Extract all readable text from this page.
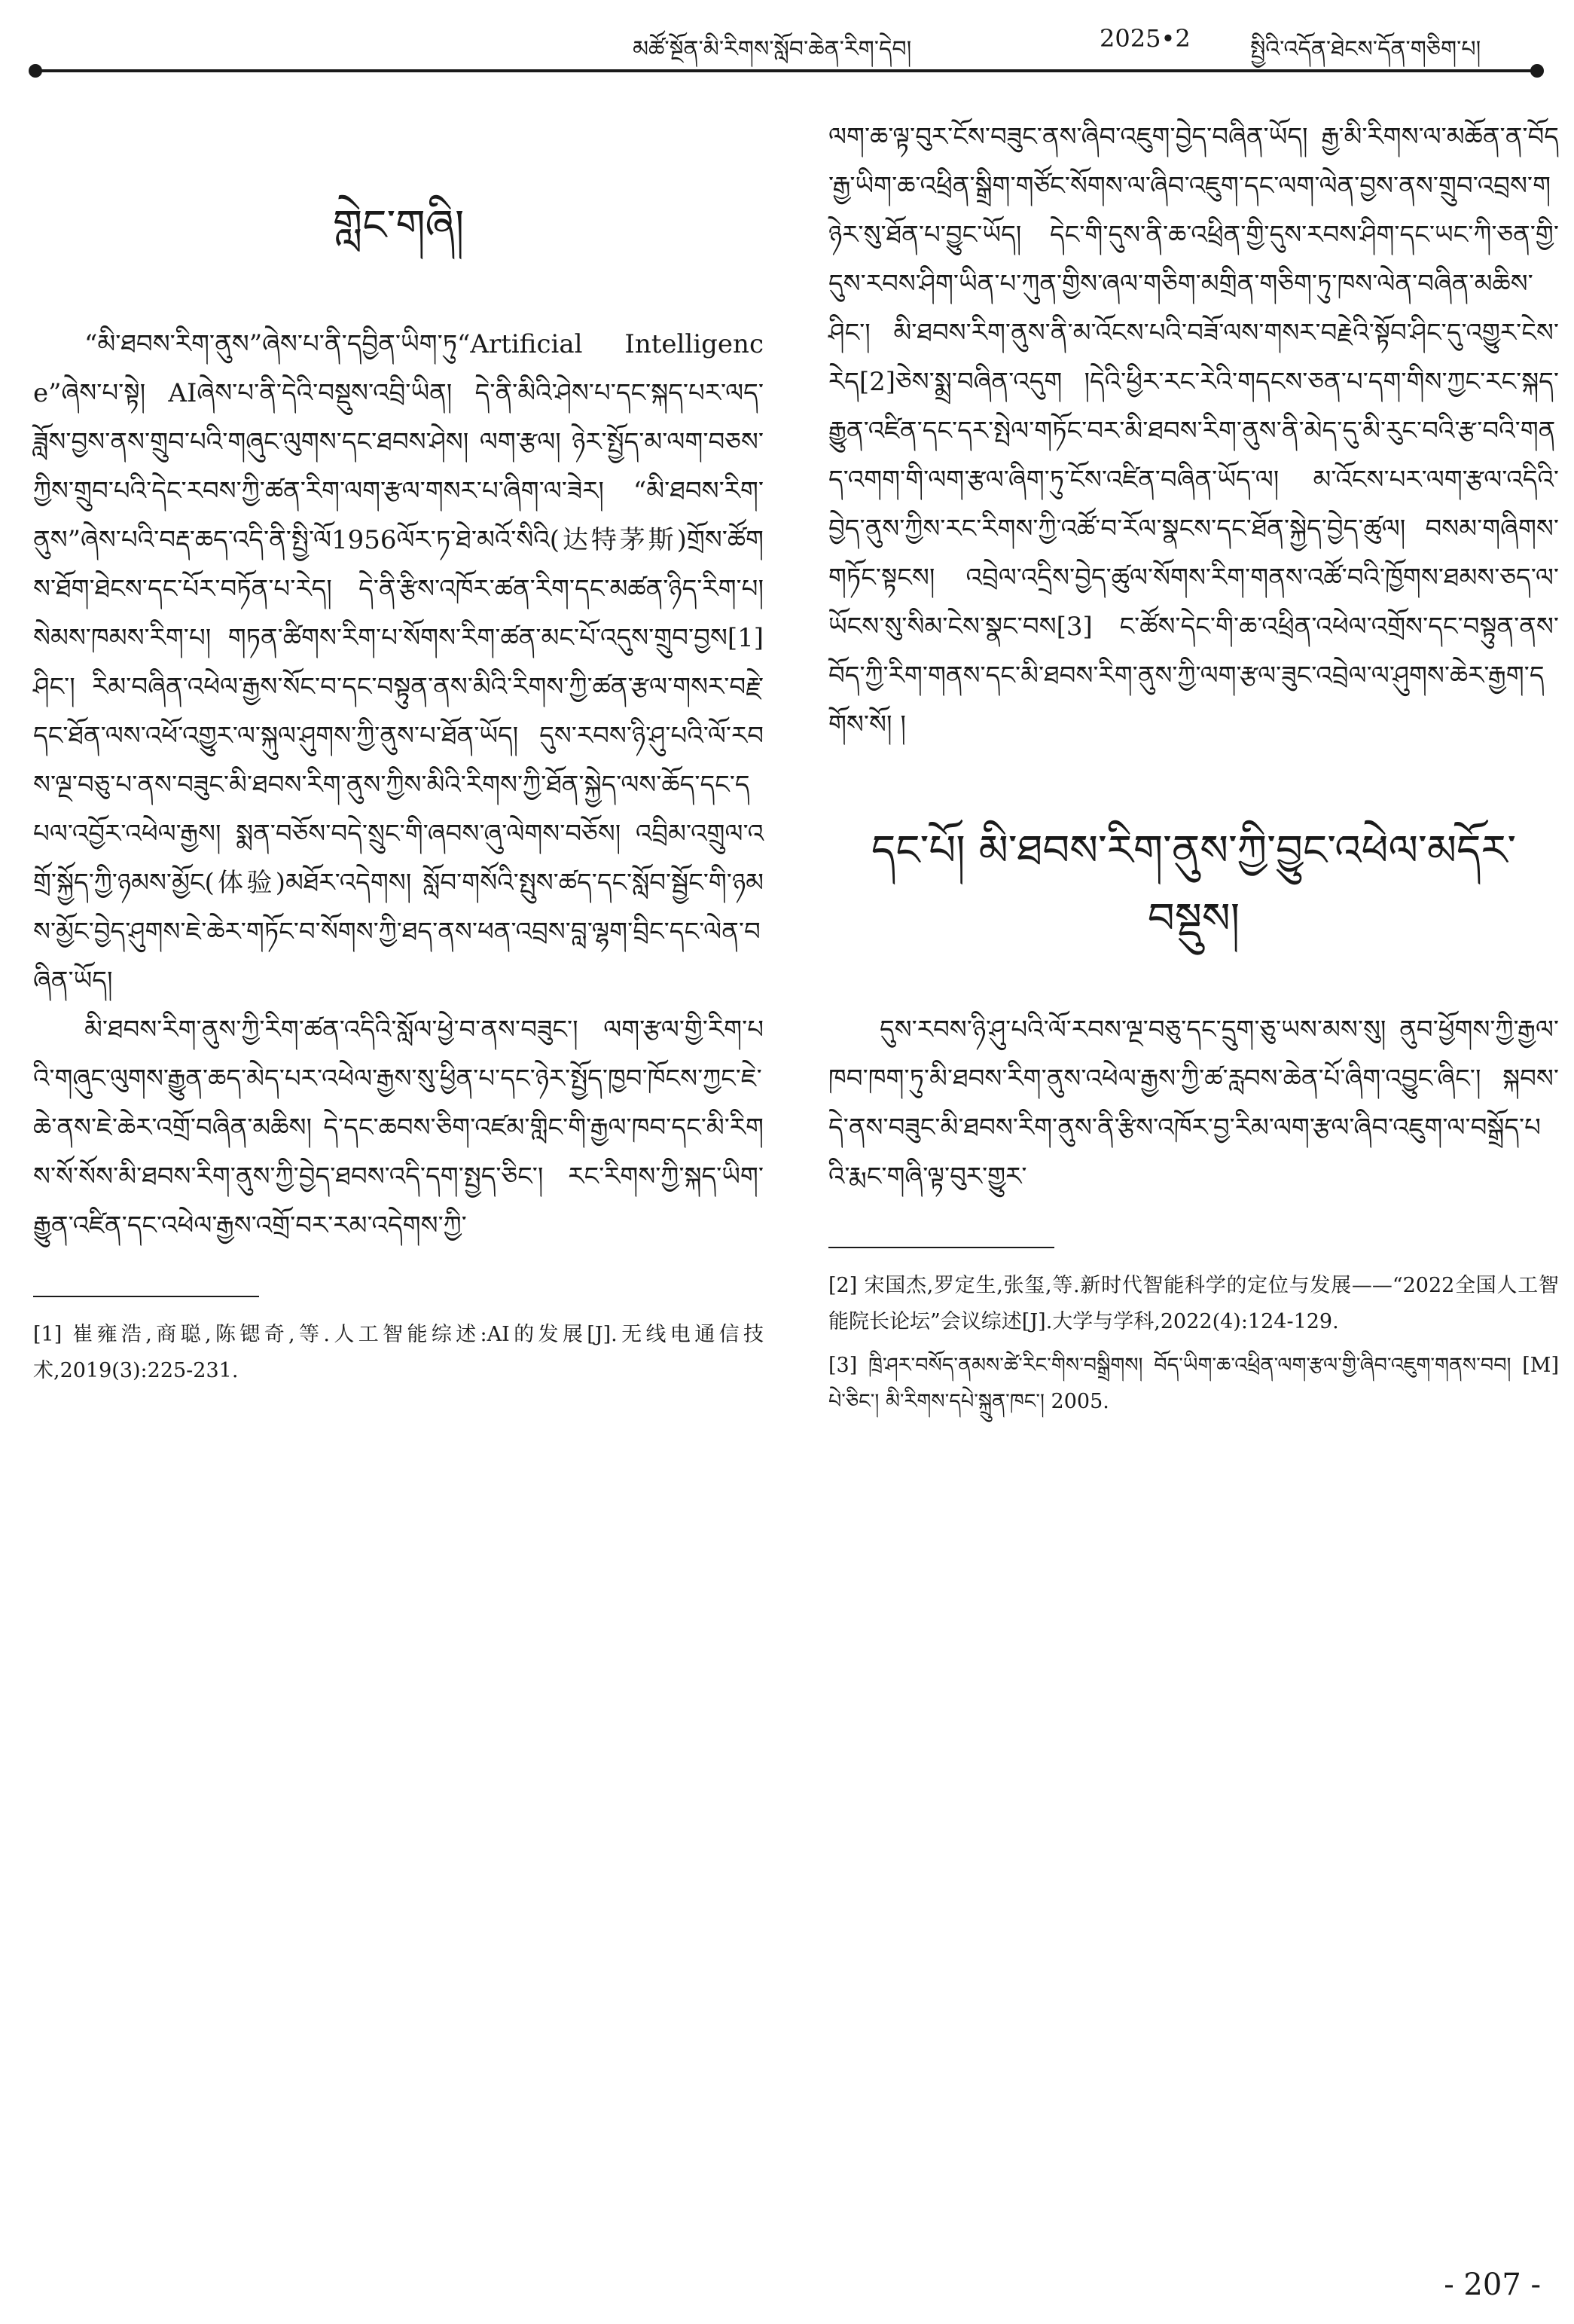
མཚོ་སྔོན་མི་རིགས་སློབ་ཆེན་རིག་དེབ།	2025•2	སྤྱིའི་འདོན་ཐེངས་དོན་གཅིག་པ།
གླེང་གཞི།

“མི་ཐབས་རིག་ནུས”ཞེས་པ་ནི་དབྱིན་ཡིག་ཏུ“Artificial Intelligence”ཞེས་པ་སྟེ། AIཞེས་པ་ནི་དེའི་བསྡུས་འབྲི་ཡིན། དེ་ནི་མིའི་ཤེས་པ་དང་སྐད་པར་ལད་ཟློས་བྱས་ནས་གྲུབ་པའི་གཞུང་ལུགས་དང་ཐབས་ཤེས། ལག་རྩལ། ཉེར་སྤྱོད་མ་ལག་བཅས་ཀྱིས་གྲུབ་པའི་དེང་རབས་ཀྱི་ཚན་རིག་ལག་རྩལ་གསར་པ་ཞིག་ལ་ཟེར། “མི་ཐབས་རིག་ནུས”ཞེས་པའི་བརྡ་ཆད་འདི་ནི་སྤྱི་ལོ1956ལོར་ཏ་ཐེ་མའོ་སིའི(达特茅斯)གྲོས་ཚོགས་ཐོག་ཐེངས་དང་པོར་བཏོན་པ་རེད། དེ་ནི་རྩིས་འཁོར་ཚན་རིག་དང་མཚན་ཉིད་རིག་པ། སེམས་ཁམས་རིག་པ། གཏན་ཚིགས་རིག་པ་སོགས་རིག་ཚན་མང་པོ་འདུས་གྲུབ་བྱས[1]ཤིང་། རིམ་བཞིན་འཕེལ་རྒྱས་སོང་བ་དང་བསྟུན་ནས་མིའི་རིགས་ཀྱི་ཚན་རྩལ་གསར་བརྗེ་དང་ཐོན་ལས་འཕོ་འགྱུར་ལ་སྐུལ་ཤུགས་ཀྱི་ནུས་པ་ཐོན་ཡོད། དུས་རབས་ཉི་ཤུ་པའི་ལོ་རབས་ལྔ་བཅུ་པ་ནས་བཟུང་མི་ཐབས་རིག་ནུས་ཀྱིས་མིའི་རིགས་ཀྱི་ཐོན་སྐྱེད་ལས་ཆོད་དང་དཔལ་འབྱོར་འཕེལ་རྒྱས། སྨན་བཅོས་བདེ་སྲུང་གི་ཞབས་ཞུ་ལེགས་བཅོས། འབྲིམ་འགྲུལ་འགྲོ་སྐྱོད་ཀྱི་ཉམས་མྱོང(体验)མཐོར་འདེགས། སློབ་གསོའི་སྤུས་ཚད་དང་སློབ་སྦྱོང་གི་ཉམས་མྱོང་བྱེད་ཤུགས་ཇེ་ཆེར་གཏོང་བ་སོགས་ཀྱི་ཐད་ནས་ཕན་འབྲས་བླ་ལྷག་བྲིང་དང་ལེན་བཞིན་ཡོད།

མི་ཐབས་རིག་ནུས་ཀྱི་རིག་ཚན་འདིའི་སློལ་ཕྱེ་བ་ནས་བཟུང་། ལག་རྩལ་གྱི་རིག་པའི་གཞུང་ལུགས་རྒྱུན་ཆད་མེད་པར་འཕེལ་རྒྱས་སུ་ཕྱིན་པ་དང་ཉེར་སྤྱོད་ཁྱབ་ཁོངས་ཀྱང་ཇེ་ཆེ་ནས་ཇེ་ཆེར་འགྲོ་བཞིན་མཆིས། དེ་དང་ཆབས་ཅིག་འཛམ་གླིང་གི་རྒྱལ་ཁབ་དང་མི་རིགས་སོ་སོས་མི་ཐབས་རིག་ནུས་ཀྱི་བྱེད་ཐབས་འདི་དག་སྤྱད་ཅིང་། རང་རིགས་ཀྱི་སྐད་ཡིག་རྒྱུན་འཛིན་དང་འཕེལ་རྒྱས་འགྲོ་བར་རམ་འདེགས་ཀྱི་

[1] 崔雍浩,商聪,陈锶奇,等.人工智能综述:AI的发展[J].无线电通信技术,2019(3):225-231.

ལག་ཆ་ལྟ་བུར་ངོས་བཟུང་ནས་ཞིབ་འཇུག་བྱེད་བཞིན་ཡོད། རྒྱ་མི་རིགས་ལ་མཆོན་ན་བོད་རྒྱ་ཡིག་ཆ་འཕྲིན་སྒྲིག་གཙོང་སོགས་ལ་ཞིབ་འཇུག་དང་ལག་ལེན་བྱས་ནས་གྲུབ་འབྲས་གཉེར་སུ་ཐོན་པ་བྱུང་ཡོད། དེང་གི་དུས་ནི་ཆ་འཕྲིན་གྱི་དུས་རབས་ཤིག་དང་ཡང་ཀི་ཅན་གྱི་དུས་རབས་ཤིག་ཡིན་པ་ཀུན་གྱིས་ཞལ་གཅིག་མགྲིན་གཅིག་ཏུ་ཁས་ལེན་བཞིན་མཆིས་ཤིང་། མི་ཐབས་རིག་ནུས་ནི་མ་འོངས་པའི་བཟོ་ལས་གསར་བརྗེའི་སྟོབ་ཤིང་དུ་འགྱུར་ངེས་རེད[2]ཅེས་སྨྲ་བཞིན་འདུག །དེའི་ཕྱིར་རང་རེའི་གདངས་ཅན་པ་དག་གིས་ཀྱང་རང་སྐད་རྒྱུན་འཛིན་དང་དར་སྤེལ་གཏོང་བར་མི་ཐབས་རིག་ནུས་ནི་མེད་དུ་མི་རུང་བའི་རྩ་བའི་གནད་འགག་གི་ལག་རྩལ་ཞིག་ཏུ་ངོས་འཛིན་བཞིན་ཡོད་ལ། མ་འོངས་པར་ལག་རྩལ་འདིའི་བྱེད་ནུས་ཀྱིས་རང་རིགས་ཀྱི་འཚོ་བ་རོལ་སྣངས་དང་ཐོན་སྐྱེད་བྱེད་ཚུལ། བསམ་གཞིགས་གཏོང་སྟངས། འབྲེལ་འདྲིས་བྱེད་ཚུལ་སོགས་རིག་གནས་འཚོ་བའི་ཁྱོགས་ཐམས་ཅད་ལ་ཡོངས་སུ་སིམ་ངེས་སྣང་བས[3] ང་ཚོས་དེང་གི་ཆ་འཕྲིན་འཕེལ་འགྲོས་དང་བསྟུན་ནས་བོད་ཀྱི་རིག་གནས་དང་མི་ཐབས་རིག་ནུས་ཀྱི་ལག་རྩལ་ཟུང་འབྲེལ་ལ་ཤུགས་ཆེར་རྒྱག་དགོས་སོ། །

དང་པོ། མི་ཐབས་རིག་ནུས་ཀྱི་བྱུང་འཕེལ་མདོར་བསྡུས།

དུས་རབས་ཉི་ཤུ་པའི་ལོ་རབས་ལྔ་བཅུ་དང་དྲུག་ཅུ་ཡས་མས་སུ། ནུབ་ཕྱོགས་ཀྱི་རྒྱལ་ཁབ་ཁག་ཏུ་མི་ཐབས་རིག་ནུས་འཕེལ་རྒྱས་ཀྱི་ཚ་རླབས་ཆེན་པོ་ཞིག་འབྱུང་ཞིང་། སྐབས་དེ་ནས་བཟུང་མི་ཐབས་རིག་ནུས་ནི་རྩིས་འཁོར་བྱ་རིམ་ལག་རྩལ་ཞིབ་འཇུག་ལ་བསྒྲོད་པའི་རྨང་གཞི་ལྟ་བུར་གྱུར་

[2] 宋国杰,罗定生,张玺,等.新时代智能科学的定位与发展——“2022全国人工智能院长论坛”会议综述[J].大学与学科,2022(4):124-129.

[3] ཁྲི་ཤར་བསོད་ནམས་ཚེ་རིང་གིས་བསྒྲིགས། བོད་ཡིག་ཆ་འཕྲིན་ལག་རྩལ་གྱི་ཞིབ་འཇུག་གནས་བབ། [M] པེ་ཅིང་། མི་རིགས་དཔེ་སྐྲུན་ཁང་། 2005.

- 207 -
